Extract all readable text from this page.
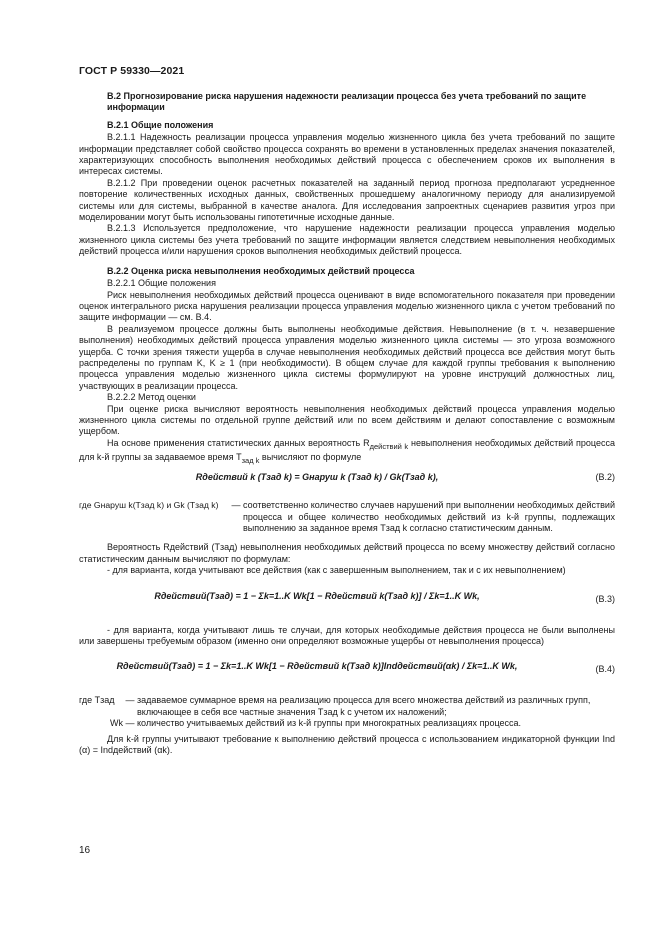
ГОСТ Р 59330—2021

В.2 Прогнозирование риска нарушения надежности реализации процесса без учета требований по защите информации

В.2.1 Общие положения

В.2.1.1 Надежность реализации процесса управления моделью жизненного цикла без учета требований по защите информации представляет собой свойство процесса сохранять во времени в установленных пределах значения показателей, характеризующих способность выполнения необходимых действий процесса с обеспечением сроков их выполнения в интересах системы.

В.2.1.2 При проведении оценок расчетных показателей на заданный период прогноза предполагают усредненное повторение количественных исходных данных, свойственных прошедшему аналогичному периоду для анализируемой системы или для системы, выбранной в качестве аналога. Для исследования запроектных сценариев развития угроз при моделировании могут быть использованы гипотетичные исходные данные.

В.2.1.3 Используется предположение, что нарушение надежности реализации процесса управления моделью жизненного цикла системы без учета требований по защите информации является следствием невыполнения необходимых действий процесса и/или нарушения сроков выполнения необходимых действий процесса.

В.2.2 Оценка риска невыполнения необходимых действий процесса

В.2.2.1 Общие положения

Риск невыполнения необходимых действий процесса оценивают в виде вспомогательного показателя при проведении оценок интегрального риска нарушения реализации процесса управления моделью жизненного цикла с учетом требований по защите информации — см. В.4.

В реализуемом процессе должны быть выполнены необходимые действия. Невыполнение (в т. ч. незавершение выполнения) необходимых действий процесса управления моделью жизненного цикла системы — это угроза возможного ущерба. С точки зрения тяжести ущерба в случае невыполнения необходимых действий процесса все действия могут быть распределены по группам K, K ≥ 1 (при необходимости). В общем случае для каждой группы требования к выполнению процесса управления моделью жизненного цикла системы формулируют на уровне инструкций должностных лиц, участвующих в реализации процесса.

В.2.2.2 Метод оценки

При оценке риска вычисляют вероятность невыполнения необходимых действий процесса управления моделью жизненного цикла системы по отдельной группе действий или по всем действиям и делают сопоставление с возможным ущербом.

На основе применения статистических данных вероятность $R_{действий k}$ невыполнения необходимых действий процесса для k-й группы за задаваемое время $T_{зад k}$ вычисляют по формуле

Rдействий k (Tзад k) = Gнаруш k (Tзад k) / Gk(Tзад k),	(В.2)
где Gнаруш k(Tзад k) и Gk (Tзад k)	— соответственно количество случаев нарушений при выполнении необходимых действий процесса и общее количество необходимых действий из k-й группы, подлежащих выполнению за заданное время Tзад k согласно статистическим данным.

Вероятность Rдействий (Tзад) невыполнения необходимых действий процесса по всему множеству действий согласно статистическим данным вычисляют по формулам:

- для варианта, когда учитывают все действия (как с завершенным выполнением, так и с их невыполнением)

Rдействий(Tзад) = 1 − Σk=1..K Wk[1 − Rдействий k(Tзад k)] / Σk=1..K Wk,	(В.3)

- для варианта, когда учитывают лишь те случаи, для которых необходимые действия процесса не были выполнены или завершены требуемым образом (именно они определяют возможные ущербы от невыполнения процесса)

Rдействий(Tзад) = 1 − Σk=1..K Wk[1 − Rдействий k(Tзад k)]Indдействий(αk) / Σk=1..K Wk,	(В.4)
где Tзад	— задаваемое суммарное время на реализацию процесса для всего множества действий из различных групп, включающее в себя все частные значения Tзад k с учетом их наложений;
Wk — количество учитываемых действий из k-й группы при многократных реализациях процесса.

Для k-й группы учитывают требование к выполнению действий процесса с использованием индикаторной функции Ind (α) = Indдействий (αk).

16
